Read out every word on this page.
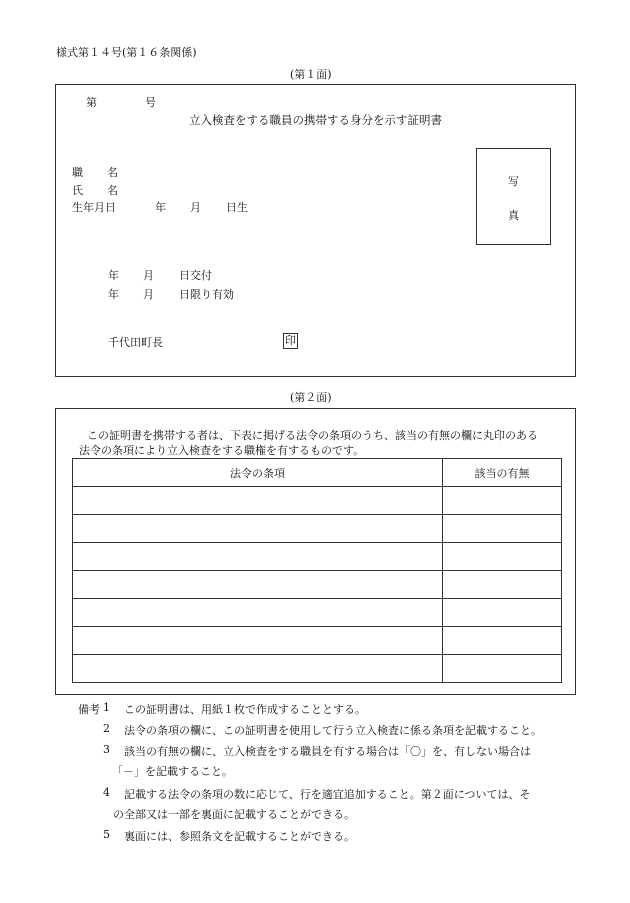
様式第１４号(第１６条関係)
(第１面)
第	号
立入検査をする職員の携帯する身分を示す証明書
職 名
氏 名
生年月日	年 月 日生
写
真
年 月 日交付
年 月 日限り有効
千代田町長	印
(第２面)
この証明書を携帯する者は、下表に掲げる法令の条項のうち、該当の有無の欄に丸印のある
法令の条項により立入検査をする職権を有するものです。
法令の条項	該当の有無

備考 1 この証明書は、用紙１枚で作成することとする。
2 法令の条項の欄に、この証明書を使用して行う立入検査に係る条項を記載すること。
3 該当の有無の欄に、立入検査をする職員を有する場合は「〇」を、有しない場合は
「－」を記載すること。
4 記載する法令の条項の数に応じて、行を適宜追加すること。第２面については、そ
の全部又は一部を裏面に記載することができる。
5 裏面には、参照条文を記載することができる。
